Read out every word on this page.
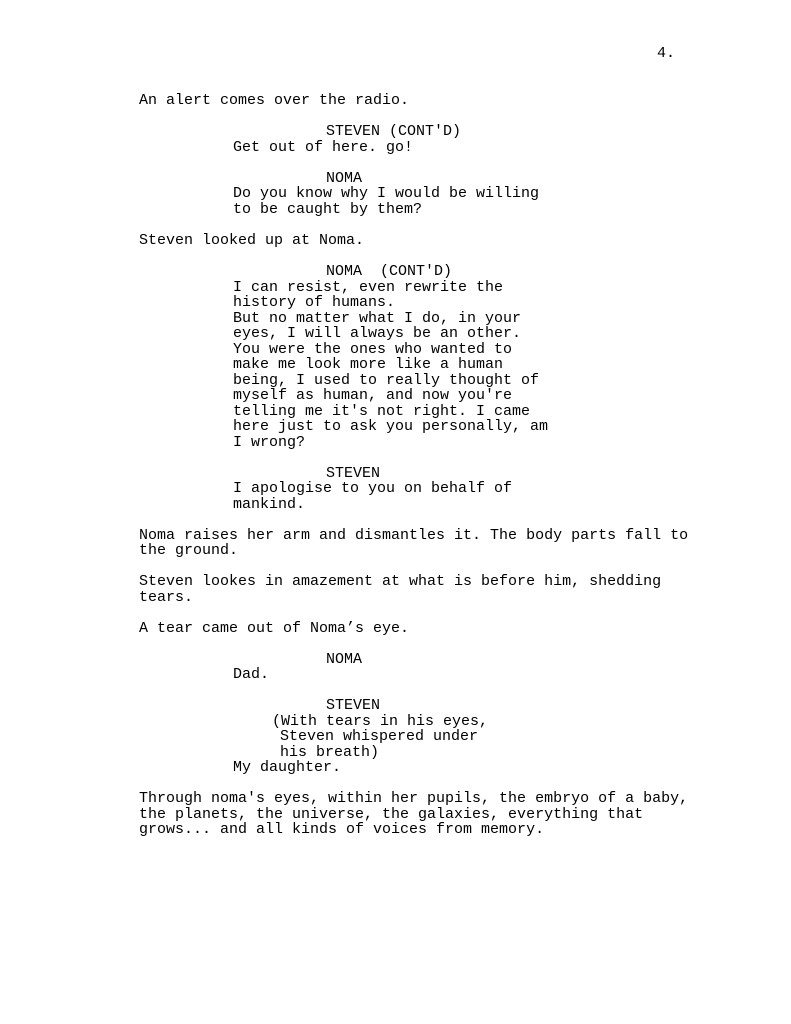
4.
An alert comes over the radio.
STEVEN (CONT'D)
Get out of here. go!
NOMA
Do you know why I would be willing
to be caught by them?
Steven looked up at Noma.
NOMA  (CONT'D)
I can resist, even rewrite the
history of humans.
But no matter what I do, in your
eyes, I will always be an other.
You were the ones who wanted to
make me look more like a human
being, I used to really thought of
myself as human, and now you're
telling me it's not right. I came
here just to ask you personally, am
I wrong?
STEVEN
I apologise to you on behalf of
mankind.
Noma raises her arm and dismantles it. The body parts fall to
the ground.
Steven lookes in amazement at what is before him, shedding
tears.
A tear came out of Noma’s eye.
NOMA
Dad.
STEVEN
(With tears in his eyes,
Steven whispered under
his breath)
My daughter.
Through noma's eyes, within her pupils, the embryo of a baby,
the planets, the universe, the galaxies, everything that
grows... and all kinds of voices from memory.
